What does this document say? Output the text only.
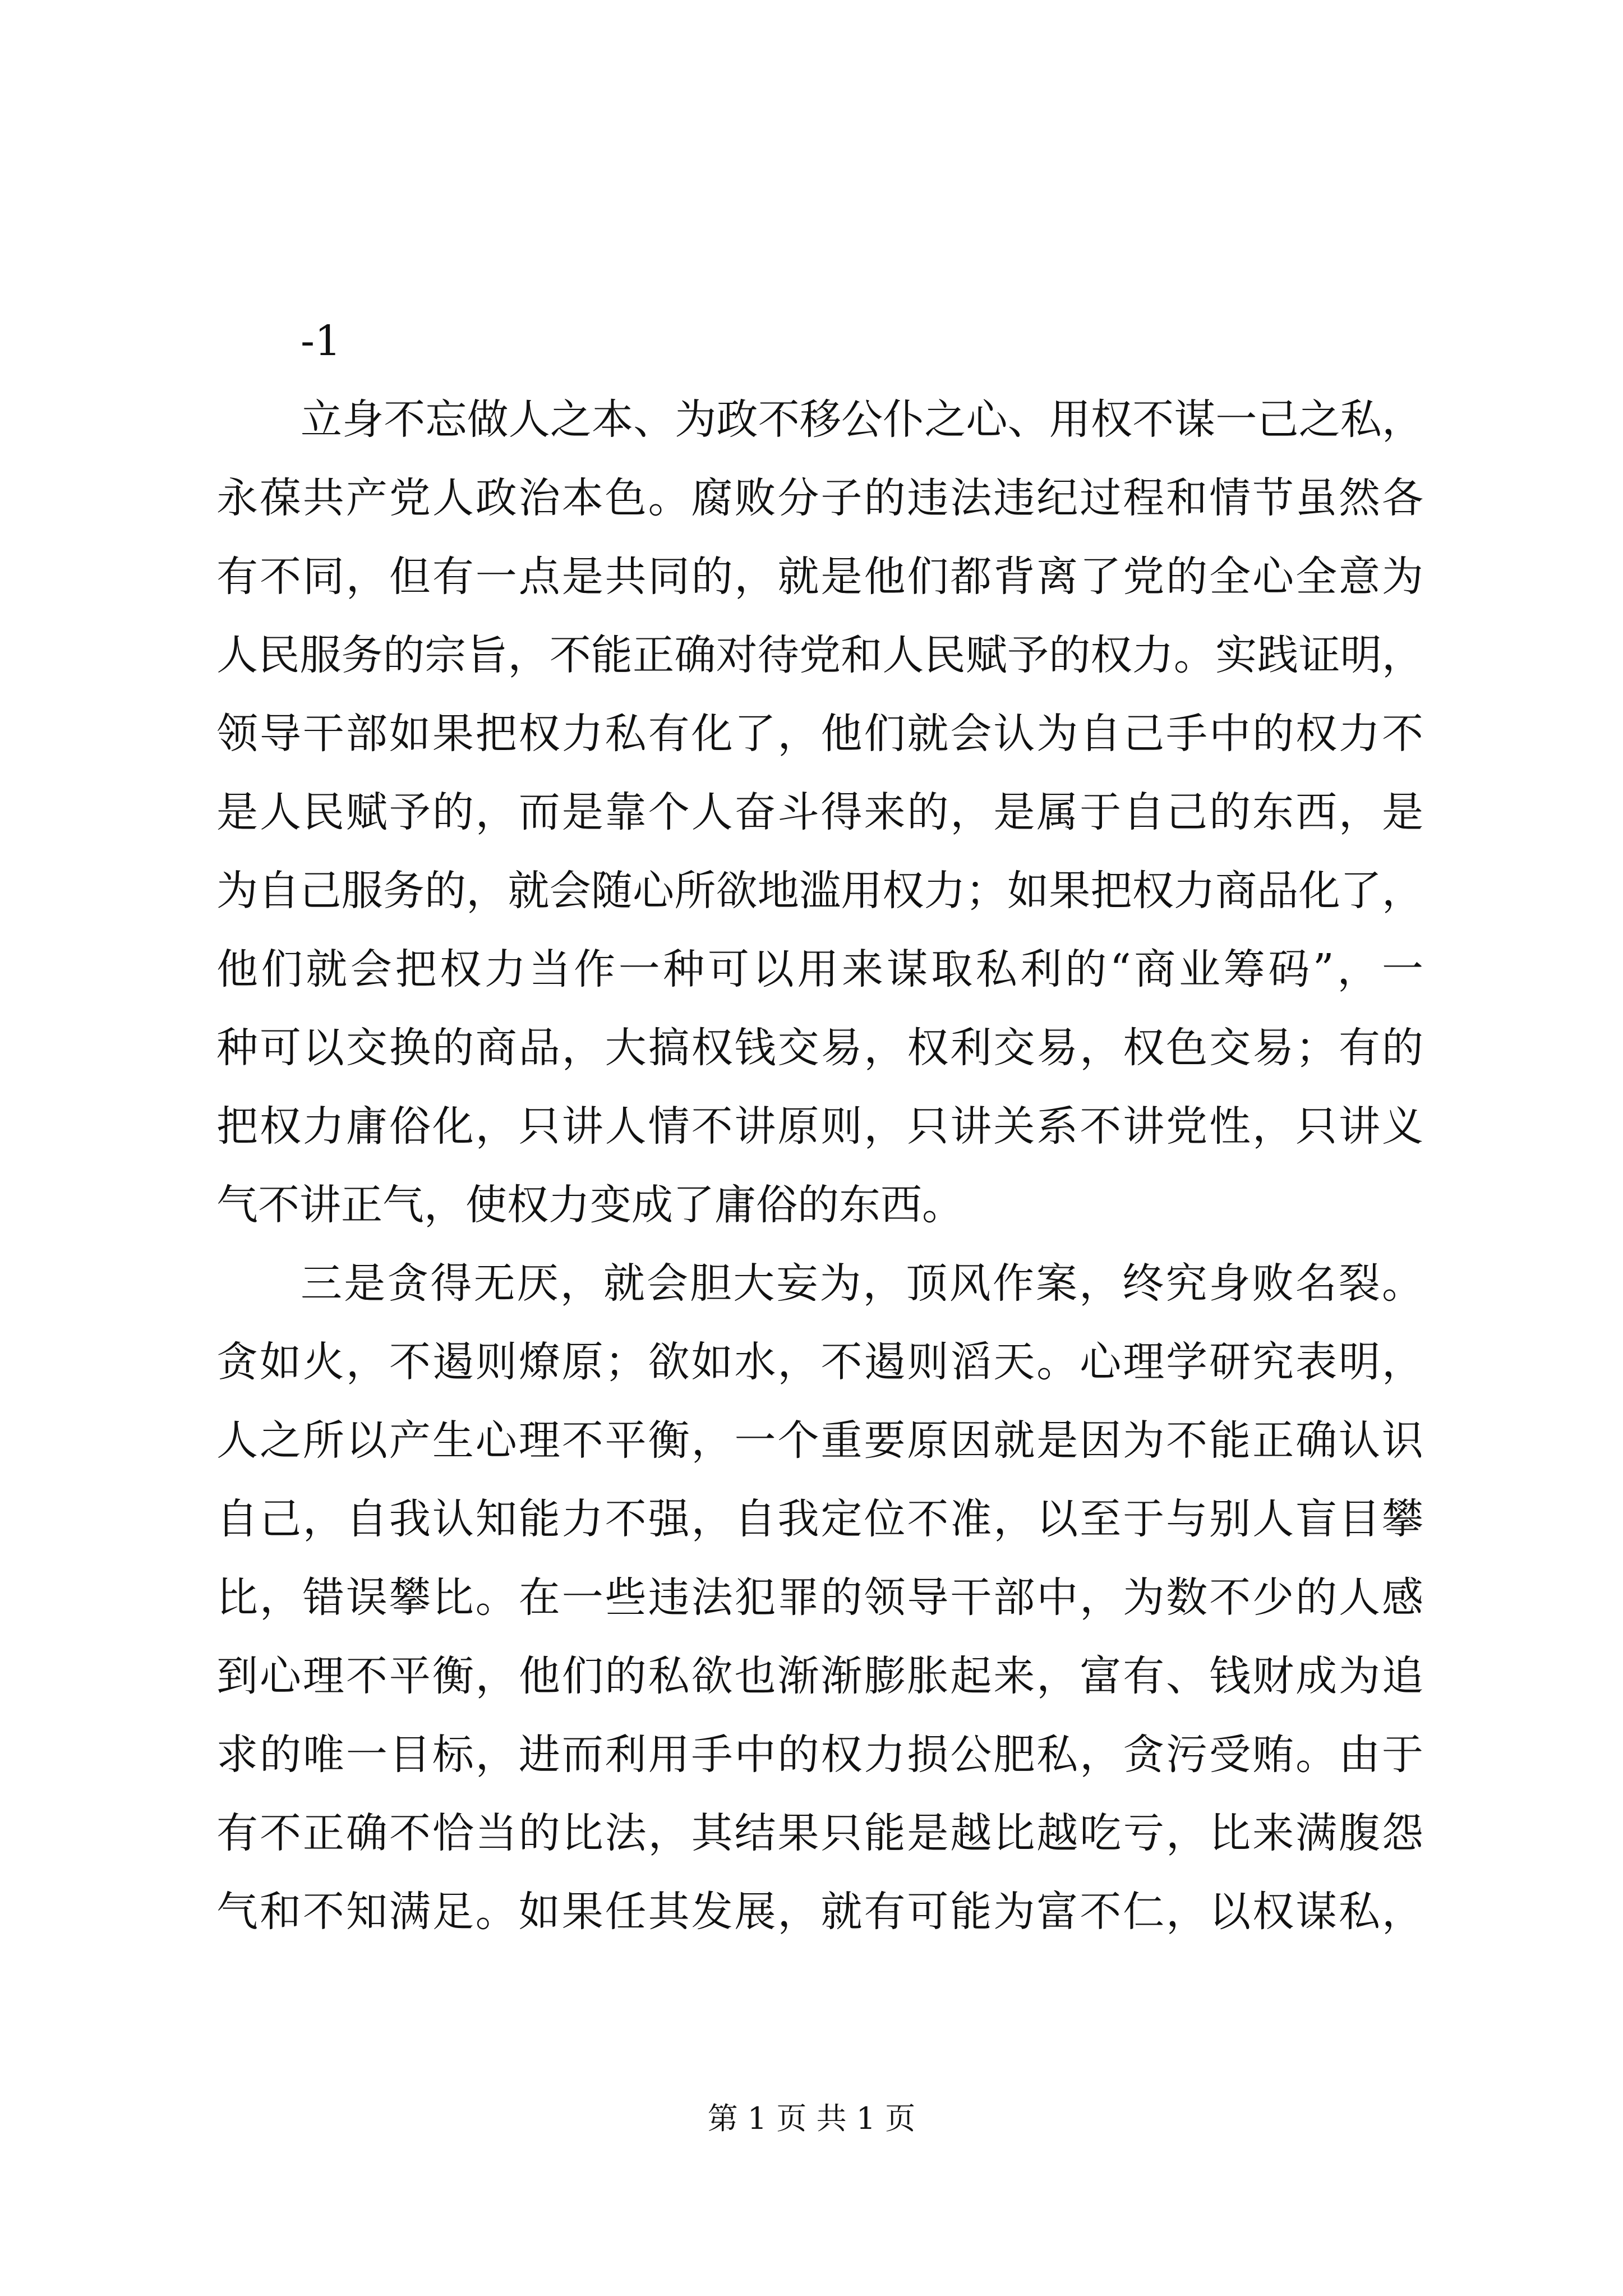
-1
立身不忘做人之本、为政不移公仆之心、用权不谋一己之私，
永葆共产党人政治本色。腐败分子的违法违纪过程和情节虽然各
有不同，但有一点是共同的，就是他们都背离了党的全心全意为
人民服务的宗旨，不能正确对待党和人民赋予的权力。实践证明，
领导干部如果把权力私有化了，他们就会认为自己手中的权力不
是人民赋予的，而是靠个人奋斗得来的，是属于自己的东西，是
为自己服务的，就会随心所欲地滥用权力；如果把权力商品化了，
他们就会把权力当作一种可以用来谋取私利的“商业筹码”，一
种可以交换的商品，大搞权钱交易，权利交易，权色交易；有的
把权力庸俗化，只讲人情不讲原则，只讲关系不讲党性，只讲义
气不讲正气，使权力变成了庸俗的东西。
三是贪得无厌，就会胆大妄为，顶风作案，终究身败名裂。
贪如火，不遏则燎原；欲如水，不遏则滔天。心理学研究表明，
人之所以产生心理不平衡，一个重要原因就是因为不能正确认识
自己，自我认知能力不强，自我定位不准，以至于与别人盲目攀
比，错误攀比。在一些违法犯罪的领导干部中，为数不少的人感
到心理不平衡，他们的私欲也渐渐膨胀起来，富有、钱财成为追
求的唯一目标，进而利用手中的权力损公肥私，贪污受贿。由于
有不正确不恰当的比法，其结果只能是越比越吃亏，比来满腹怨
气和不知满足。如果任其发展，就有可能为富不仁，以权谋私，
第 1 页 共 1 页
